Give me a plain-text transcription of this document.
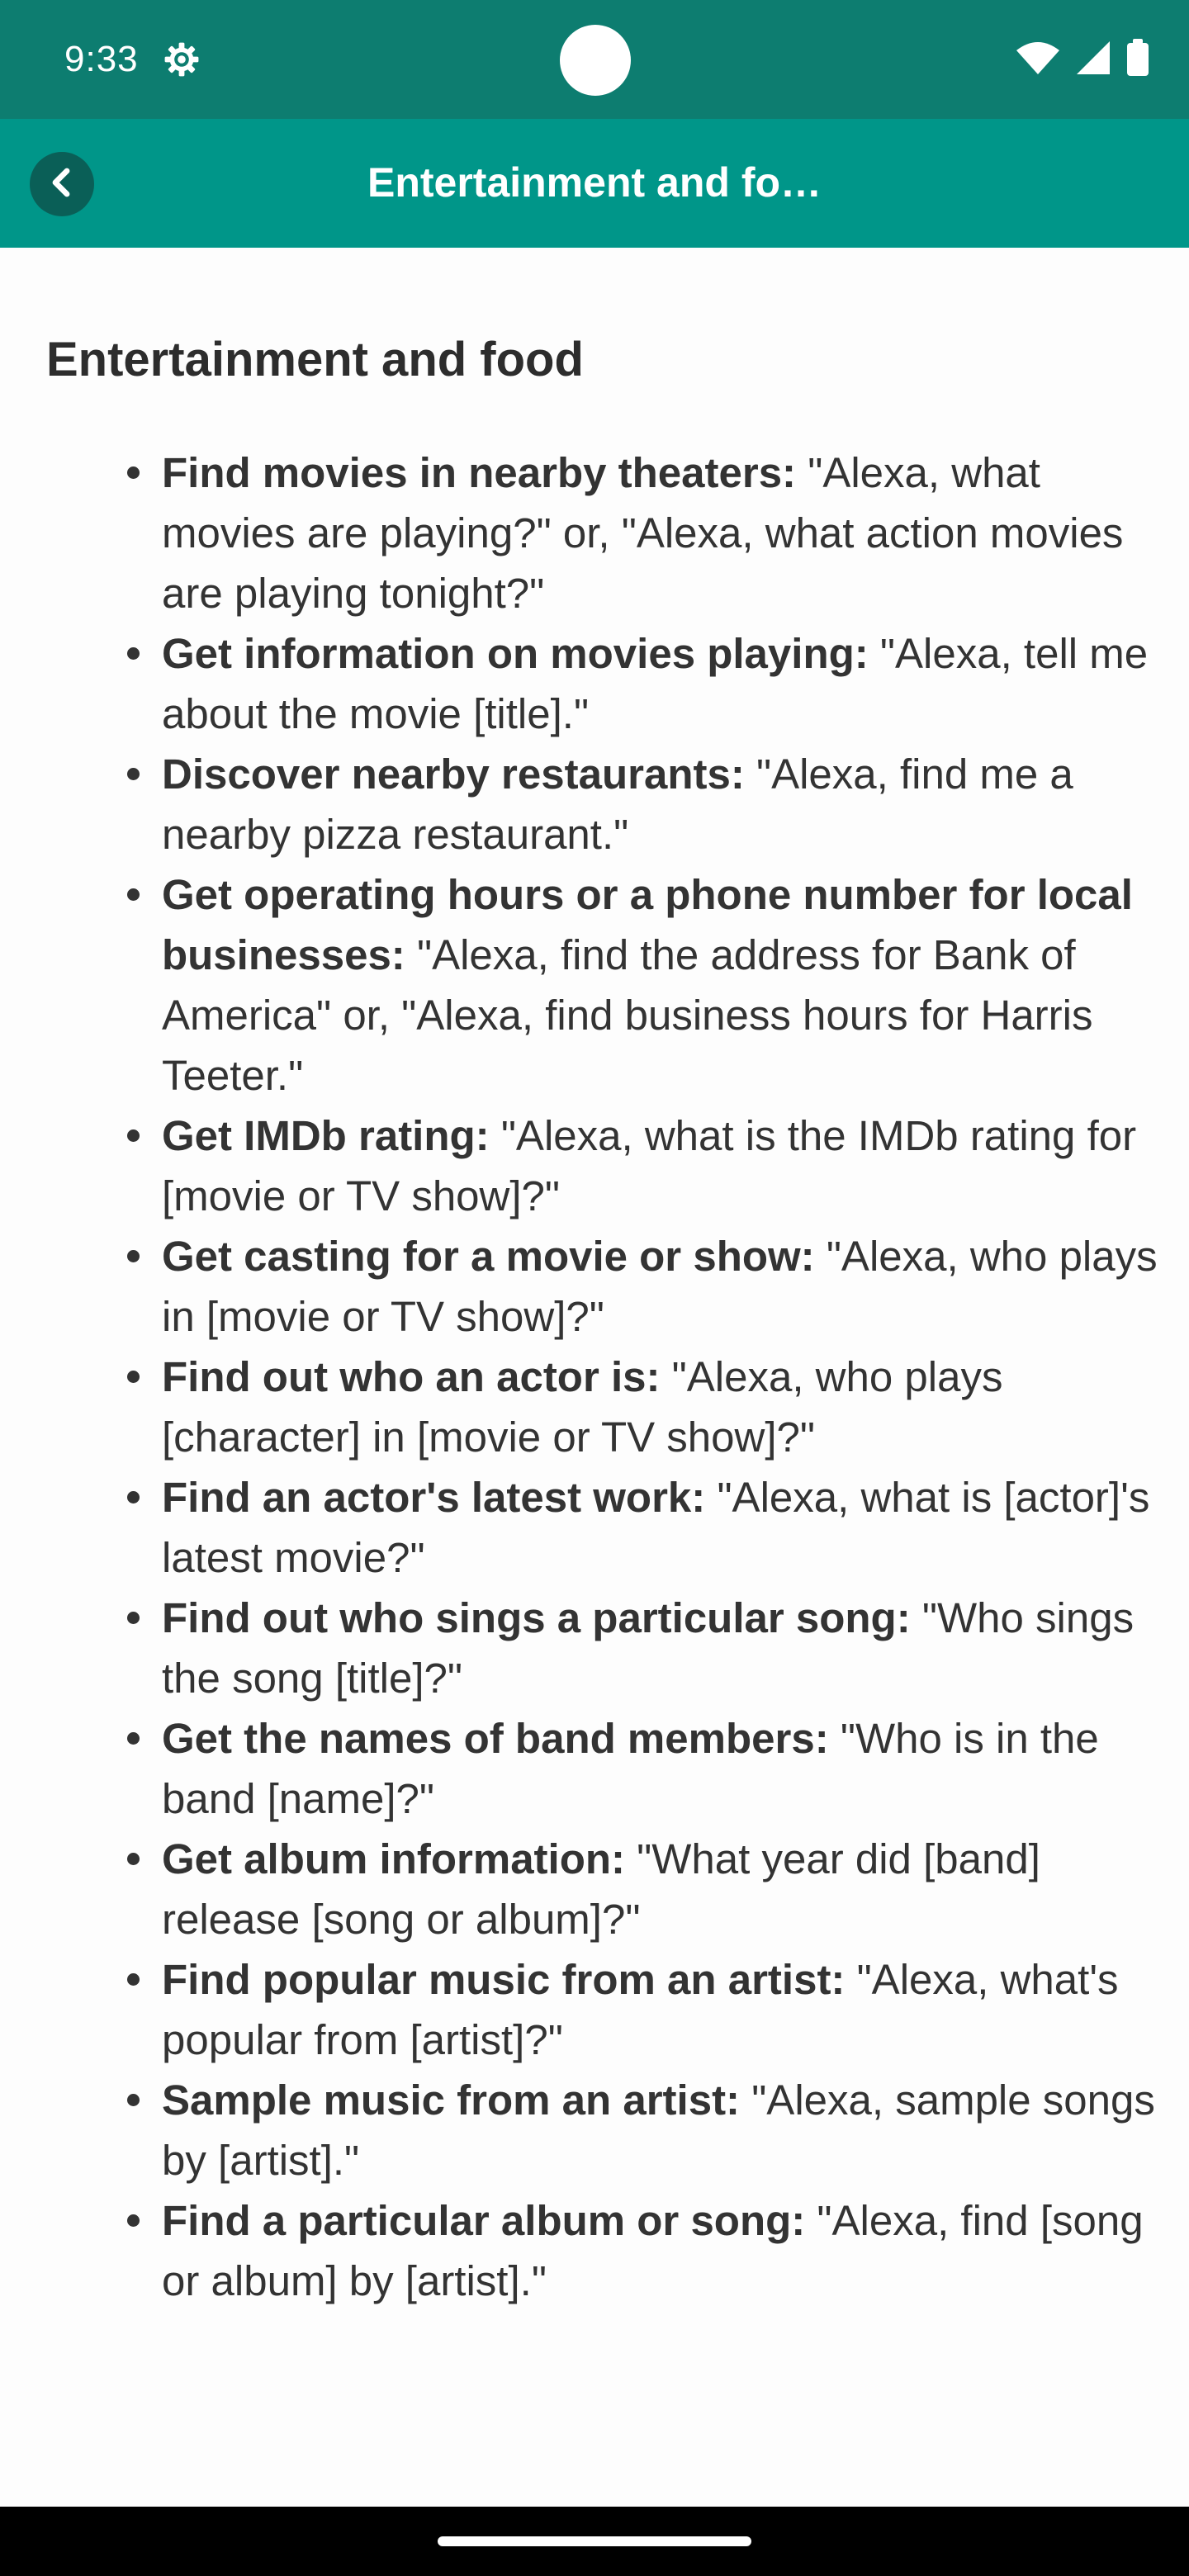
9:33
Entertainment and fo…
Entertainment and food
Find movies in nearby theaters: "Alexa, what movies are playing?" or, "Alexa, what action movies are playing tonight?"
Get information on movies playing: "Alexa, tell me about the movie [title]."
Discover nearby restaurants: "Alexa, find me a nearby pizza restaurant."
Get operating hours or a phone number for local businesses: "Alexa, find the address for Bank of America" or, "Alexa, find business hours for Harris Teeter."
Get IMDb rating: "Alexa, what is the IMDb rating for [movie or TV show]?"
Get casting for a movie or show: "Alexa, who plays in [movie or TV show]?"
Find out who an actor is: "Alexa, who plays [character] in [movie or TV show]?"
Find an actor's latest work: "Alexa, what is [actor]'s latest movie?"
Find out who sings a particular song: "Who sings the song [title]?"
Get the names of band members: "Who is in the band [name]?"
Get album information: "What year did [band] release [song or album]?"
Find popular music from an artist: "Alexa, what's popular from [artist]?"
Sample music from an artist: "Alexa, sample songs by [artist]."
Find a particular album or song: "Alexa, find [song or album] by [artist]."
